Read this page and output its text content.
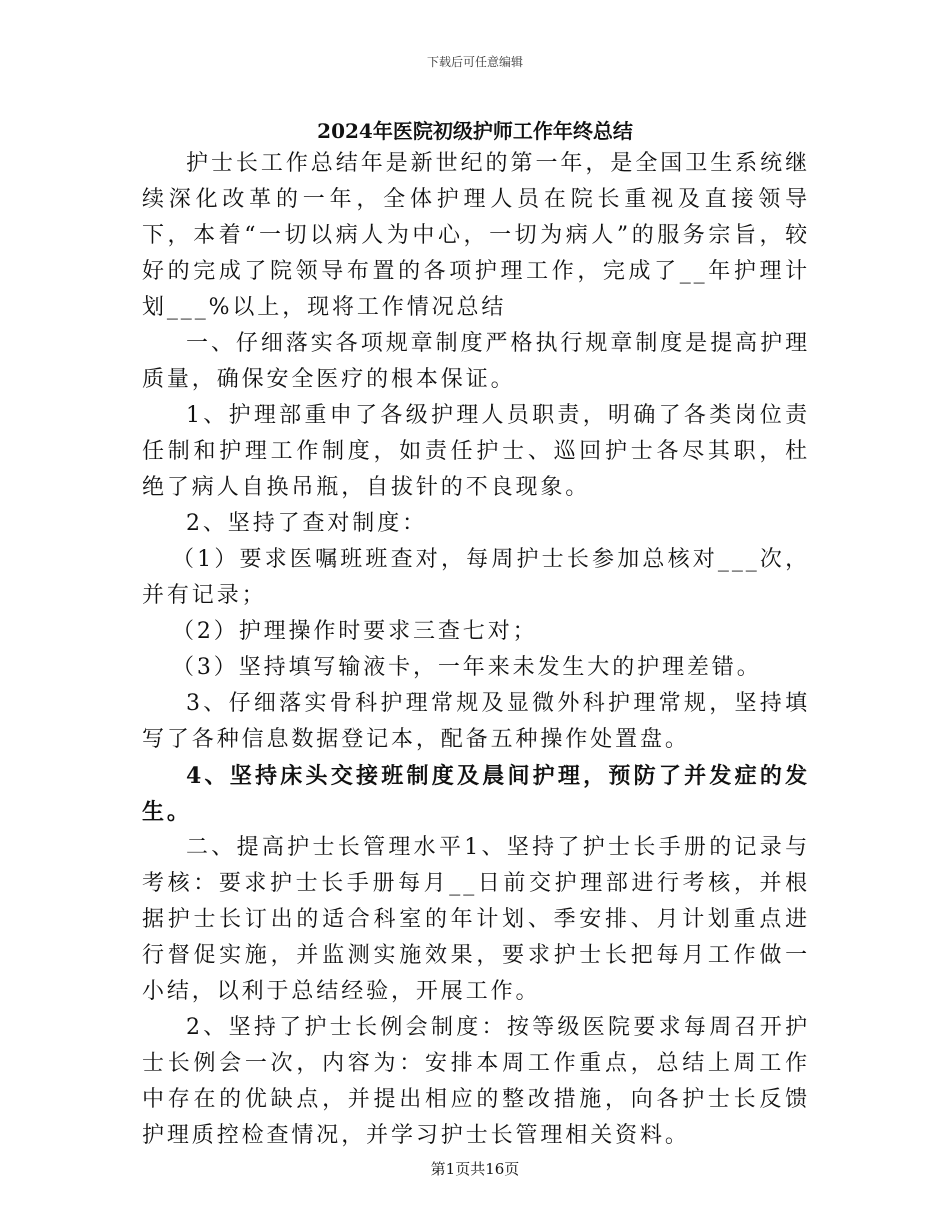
下载后可任意编辑
2024年医院初级护师工作年终总结

护士长工作总结年是新世纪的第一年，是全国卫生系统继续深化改革的一年，全体护理人员在院长重视及直接领导下，本着“一切以病人为中心，一切为病人”的服务宗旨，较好的完成了院领导布置的各项护理工作，完成了__年护理计划___%以上，现将工作情况总结

一、仔细落实各项规章制度严格执行规章制度是提高护理质量，确保安全医疗的根本保证。

1、护理部重申了各级护理人员职责，明确了各类岗位责任制和护理工作制度，如责任护士、巡回护士各尽其职，杜绝了病人自换吊瓶，自拔针的不良现象。

2、坚持了查对制度：

（1）要求医嘱班班查对，每周护士长参加总核对___次，并有记录；

（2）护理操作时要求三查七对；

（3）坚持填写输液卡，一年来未发生大的护理差错。

3、仔细落实骨科护理常规及显微外科护理常规，坚持填写了各种信息数据登记本，配备五种操作处置盘。

4、坚持床头交接班制度及晨间护理，预防了并发症的发生。

二、提高护士长管理水平1、坚持了护士长手册的记录与考核：要求护士长手册每月__日前交护理部进行考核，并根据护士长订出的适合科室的年计划、季安排、月计划重点进行督促实施，并监测实施效果，要求护士长把每月工作做一小结，以利于总结经验，开展工作。

2、坚持了护士长例会制度：按等级医院要求每周召开护士长例会一次，内容为：安排本周工作重点，总结上周工作中存在的优缺点，并提出相应的整改措施，向各护士长反馈护理质控检查情况，并学习护士长管理相关资料。

第1页共16页
